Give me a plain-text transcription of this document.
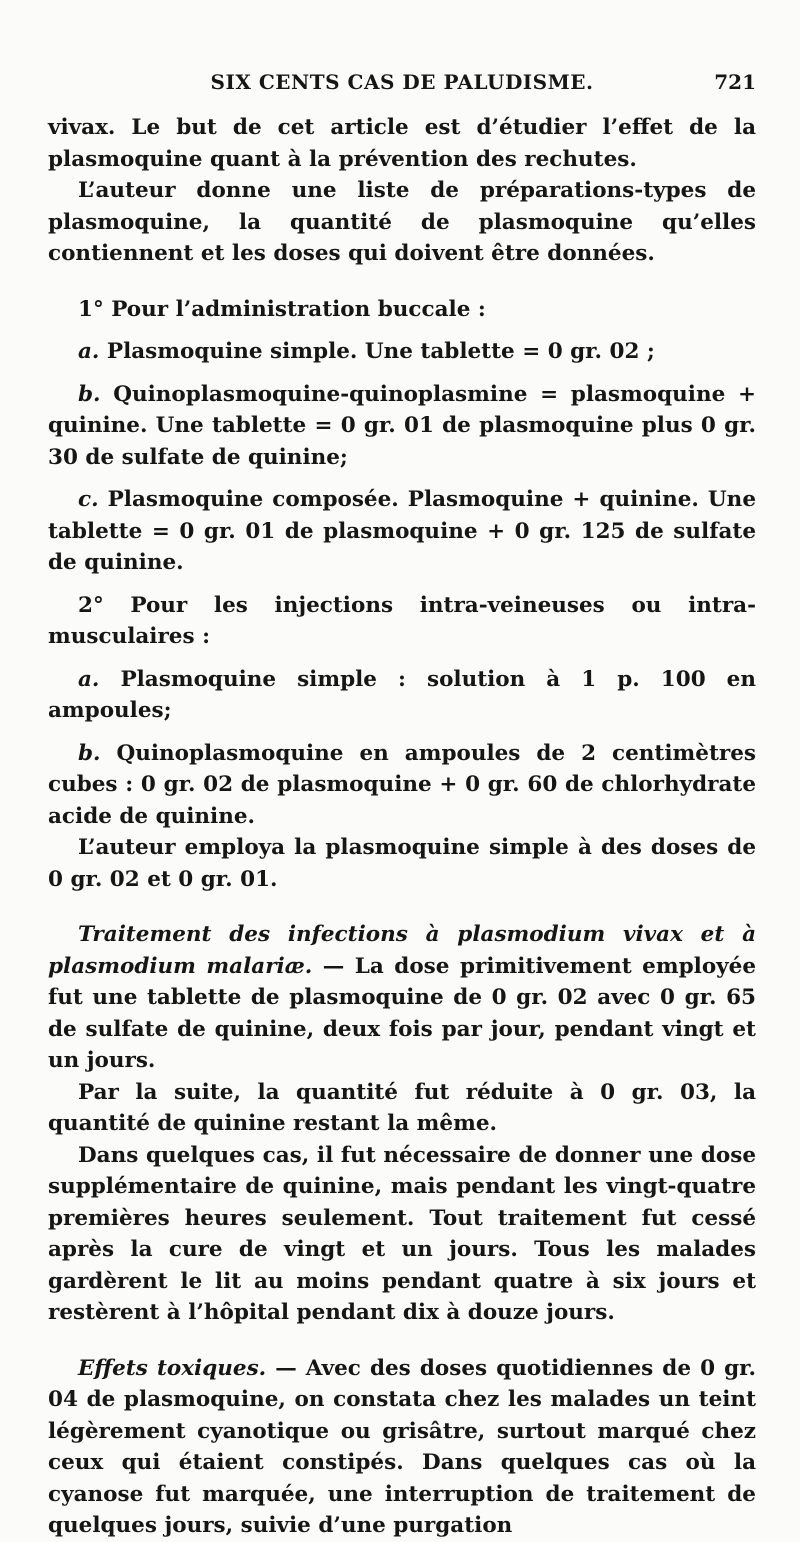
SIX CENTS CAS DE PALUDISME.	721

vivax. Le but de cet article est d’étudier l’effet de la plasmoquine quant à la prévention des rechutes.

L’auteur donne une liste de préparations-types de plasmoquine, la quantité de plasmoquine qu’elles contiennent et les doses qui doivent être données.

1° Pour l’administration buccale :

a. Plasmoquine simple. Une tablette = 0 gr. 02 ;

b. Quinoplasmoquine-quinoplasmine = plasmoquine + quinine. Une tablette = 0 gr. 01 de plasmoquine plus 0 gr. 30 de sulfate de quinine;

c. Plasmoquine composée. Plasmoquine + quinine. Une tablette = 0 gr. 01 de plasmoquine + 0 gr. 125 de sulfate de quinine.

2° Pour les injections intra-veineuses ou intra-musculaires :

a. Plasmoquine simple : solution à 1 p. 100 en ampoules;

b. Quinoplasmoquine en ampoules de 2 centimètres cubes : 0 gr. 02 de plasmoquine + 0 gr. 60 de chlorhydrate acide de quinine.

L’auteur employa la plasmoquine simple à des doses de 0 gr. 02 et 0 gr. 01.

Traitement des infections à plasmodium vivax et à plasmodium malariæ. — La dose primitivement employée fut une tablette de plasmoquine de 0 gr. 02 avec 0 gr. 65 de sulfate de quinine, deux fois par jour, pendant vingt et un jours.

Par la suite, la quantité fut réduite à 0 gr. 03, la quantité de quinine restant la même.

Dans quelques cas, il fut nécessaire de donner une dose supplémentaire de quinine, mais pendant les vingt-quatre premières heures seulement. Tout traitement fut cessé après la cure de vingt et un jours. Tous les malades gardèrent le lit au moins pendant quatre à six jours et restèrent à l’hôpital pendant dix à douze jours.

Effets toxiques. — Avec des doses quotidiennes de 0 gr. 04 de plasmoquine, on constata chez les malades un teint légèrement cyanotique ou grisâtre, surtout marqué chez ceux qui étaient constipés. Dans quelques cas où la cyanose fut marquée, une interruption de traitement de quelques jours, suivie d’une purgation
